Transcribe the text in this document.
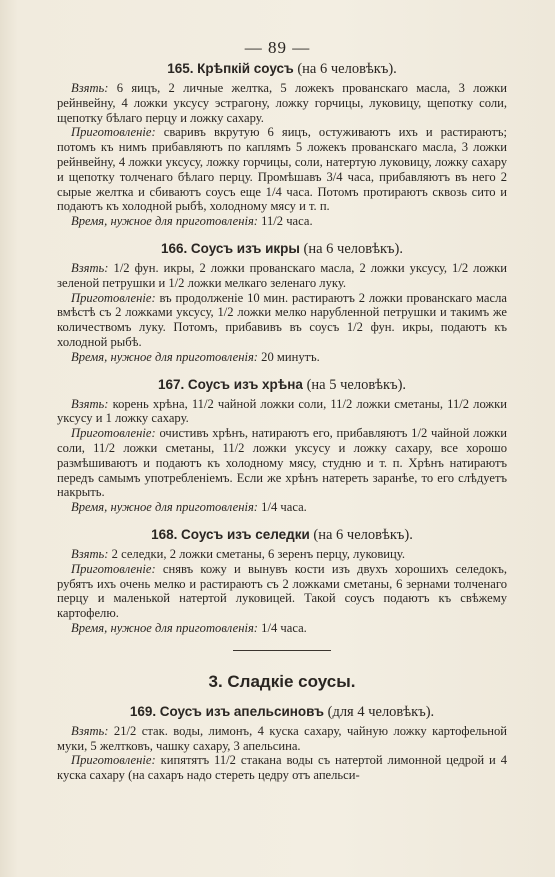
— 89 —
165. Крѣпкій соусъ (на 6 человѣкъ).

Взять: 6 яицъ, 2 личные желтка, 5 ложекъ прованскаго масла, 3 ложки рейнвейну, 4 ложки уксусу эстрагону, ложку горчицы, луковицу, щепотку соли, щепотку бѣлаго перцу и ложку сахару.

Приготовленіе: сваривъ вкрутую 6 яицъ, остуживаютъ ихъ и растираютъ; потомъ къ нимъ прибавляютъ по каплямъ 5 ложекъ прованскаго масла, 3 ложки рейнвейну, 4 ложки уксусу, ложку горчицы, соли, натертую луковицу, ложку сахару и щепотку толченаго бѣлаго перцу. Промѣшавъ 3/4 часа, прибавляютъ въ него 2 сырые желтка и сбиваютъ соусъ еще 1/4 часа. Потомъ протираютъ сквозь сито и подаютъ къ холодной рыбѣ, холодному мясу и т. п.

Время, нужное для приготовленія: 11/2 часа.

166. Соусъ изъ икры (на 6 человѣкъ).

Взять: 1/2 фун. икры, 2 ложки прованскаго масла, 2 ложки уксусу, 1/2 ложки зеленой петрушки и 1/2 ложки мелкаго зеленаго луку.

Приготовленіе: въ продолженіе 10 мин. растираютъ 2 ложки прованскаго масла вмѣстѣ съ 2 ложками уксусу, 1/2 ложки мелко нарубленной петрушки и такимъ же количествомъ луку. Потомъ, прибавивъ въ соусъ 1/2 фун. икры, подаютъ къ холодной рыбѣ.

Время, нужное для приготовленія: 20 минутъ.

167. Соусъ изъ хрѣна (на 5 человѣкъ).

Взять: корень хрѣна, 11/2 чайной ложки соли, 11/2 ложки сметаны, 11/2 ложки уксусу и 1 ложку сахару.

Приготовленіе: очистивъ хрѣнъ, натираютъ его, прибавляютъ 1/2 чайной ложки соли, 11/2 ложки сметаны, 11/2 ложки уксусу и ложку сахару, все хорошо размѣшиваютъ и подаютъ къ холодному мясу, студню и т. п. Хрѣнъ натираютъ передъ самымъ употребленіемъ. Если же хрѣнъ натереть заранѣе, то его слѣдуетъ накрыть.

Время, нужное для приготовленія: 1/4 часа.

168. Соусъ изъ селедки (на 6 человѣкъ).

Взять: 2 селедки, 2 ложки сметаны, 6 зеренъ перцу, луковицу.

Приготовленіе: снявъ кожу и вынувъ кости изъ двухъ хорошихъ селедокъ, рубятъ ихъ очень мелко и растираютъ съ 2 ложками сметаны, 6 зернами толченаго перцу и маленькой натертой луковицей. Такой соусъ подаютъ къ свѣжему картофелю.

Время, нужное для приготовленія: 1/4 часа.

3. Сладкіе соусы.
169. Соусъ изъ апельсиновъ (для 4 человѣкъ).

Взять: 21/2 стак. воды, лимонъ, 4 куска сахару, чайную ложку картофельной муки, 5 желтковъ, чашку сахару, 3 апельсина.

Приготовленіе: кипятятъ 11/2 стакана воды съ натертой лимонной цедрой и 4 куска сахару (на сахаръ надо стереть цедру отъ апельси-
